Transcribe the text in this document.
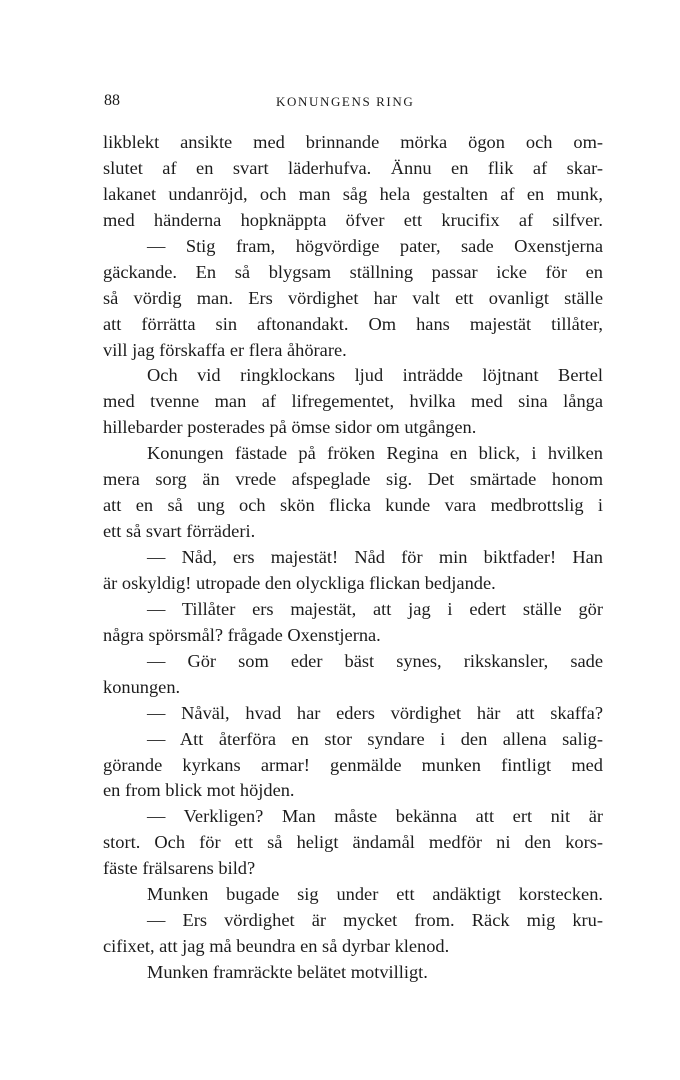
88	KONUNGENS RING
likblekt ansikte med brinnande mörka ögon och om-
slutet af en svart läderhufva. Ännu en flik af skar-
lakanet undanröjd, och man såg hela gestalten af en munk,
med händerna hopknäppta öfver ett krucifix af silfver.
— Stig fram, högvördige pater, sade Oxenstjerna
gäckande. En så blygsam ställning passar icke för en
så vördig man. Ers vördighet har valt ett ovanligt ställe
att förrätta sin aftonandakt. Om hans majestät tillåter,
vill jag förskaffa er flera åhörare.
Och vid ringklockans ljud inträdde löjtnant Bertel
med tvenne man af lifregementet, hvilka med sina långa
hillebarder posterades på ömse sidor om utgången.
Konungen fästade på fröken Regina en blick, i hvilken
mera sorg än vrede afspeglade sig. Det smärtade honom
att en så ung och skön flicka kunde vara medbrottslig i
ett så svart förräderi.
— Nåd, ers majestät! Nåd för min biktfader! Han
är oskyldig! utropade den olyckliga flickan bedjande.
— Tillåter ers majestät, att jag i edert ställe gör
några spörsmål? frågade Oxenstjerna.
— Gör som eder bäst synes, rikskansler, sade
konungen.
— Nåväl, hvad har eders vördighet här att skaffa?
— Att återföra en stor syndare i den allena salig-
görande kyrkans armar! genmälde munken fintligt med
en from blick mot höjden.
— Verkligen? Man måste bekänna att ert nit är
stort. Och för ett så heligt ändamål medför ni den kors-
fäste frälsarens bild?
Munken bugade sig under ett andäktigt korstecken.
— Ers vördighet är mycket from. Räck mig kru-
cifixet, att jag må beundra en så dyrbar klenod.
Munken framräckte belätet motvilligt.
